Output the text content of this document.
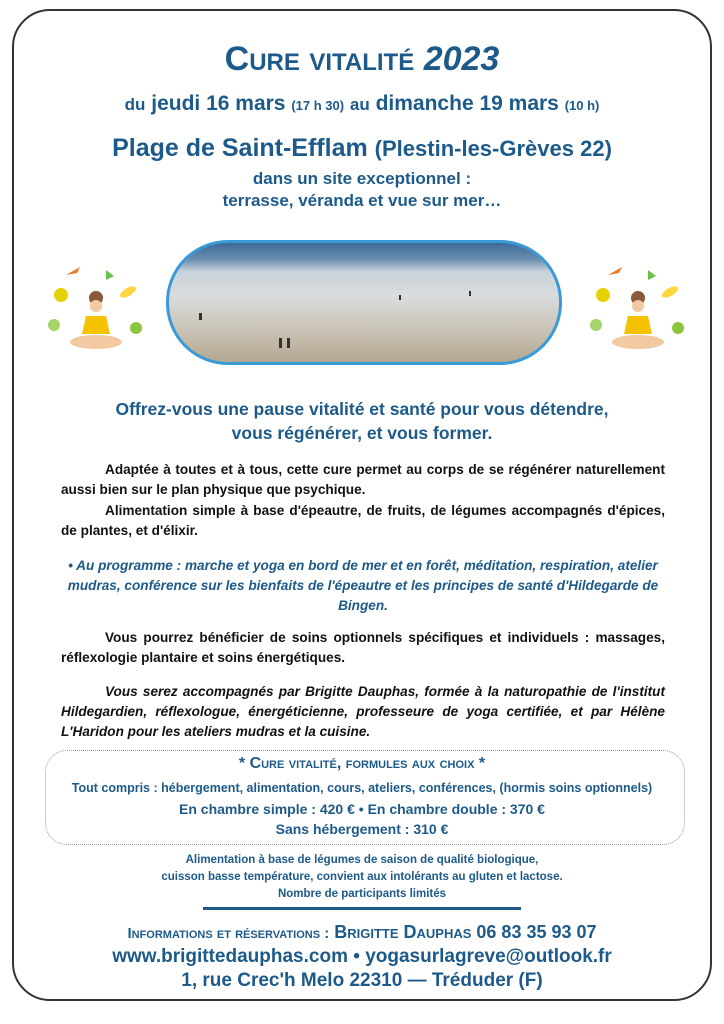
Cure vitalité 2023
du jeudi 16 mars (17 h 30) au dimanche 19 mars (10 h)
Plage de Saint-Efflam (Plestin-les-Grèves 22)
dans un site exceptionnel :
terrasse, véranda et vue sur mer…
Offrez-vous une pause vitalité et santé pour vous détendre,
vous régénérer, et vous former.
Adaptée à toutes et à tous, cette cure permet au corps de se régénérer naturellement aussi bien sur le plan physique que psychique.
Alimentation simple à base d'épeautre, de fruits, de légumes accompagnés d'épices, de plantes, et d'élixir.
• Au programme : marche et yoga en bord de mer et en forêt, méditation, respiration, atelier mudras, conférence sur les bienfaits de l'épeautre et les principes de santé d'Hildegarde de Bingen.
Vous pourrez bénéficier de soins optionnels spécifiques et individuels : massages, réflexologie plantaire et soins énergétiques.
Vous serez accompagnés par Brigitte Dauphas, formée à la naturopathie de l'institut Hildegardien, réflexologue, énergéticienne, professeure de yoga certifiée, et par Hélène L'Haridon pour les ateliers mudras et la cuisine.
* Cure vitalité, formules aux choix *
Tout compris : hébergement, alimentation, cours, ateliers, conférences, (hormis soins optionnels)
En chambre simple : 420 € • En chambre double : 370 €
Sans hébergement : 310 €
Alimentation à base de légumes de saison de qualité biologique,
cuisson basse température, convient aux intolérants au gluten et lactose.
Nombre de participants limités
Informations et réservations : Brigitte Dauphas 06 83 35 93 07
www.brigittedauphas.com • yogasurlagreve@outlook.fr
1, rue Crec'h Melo 22310 — Tréduder (F)
